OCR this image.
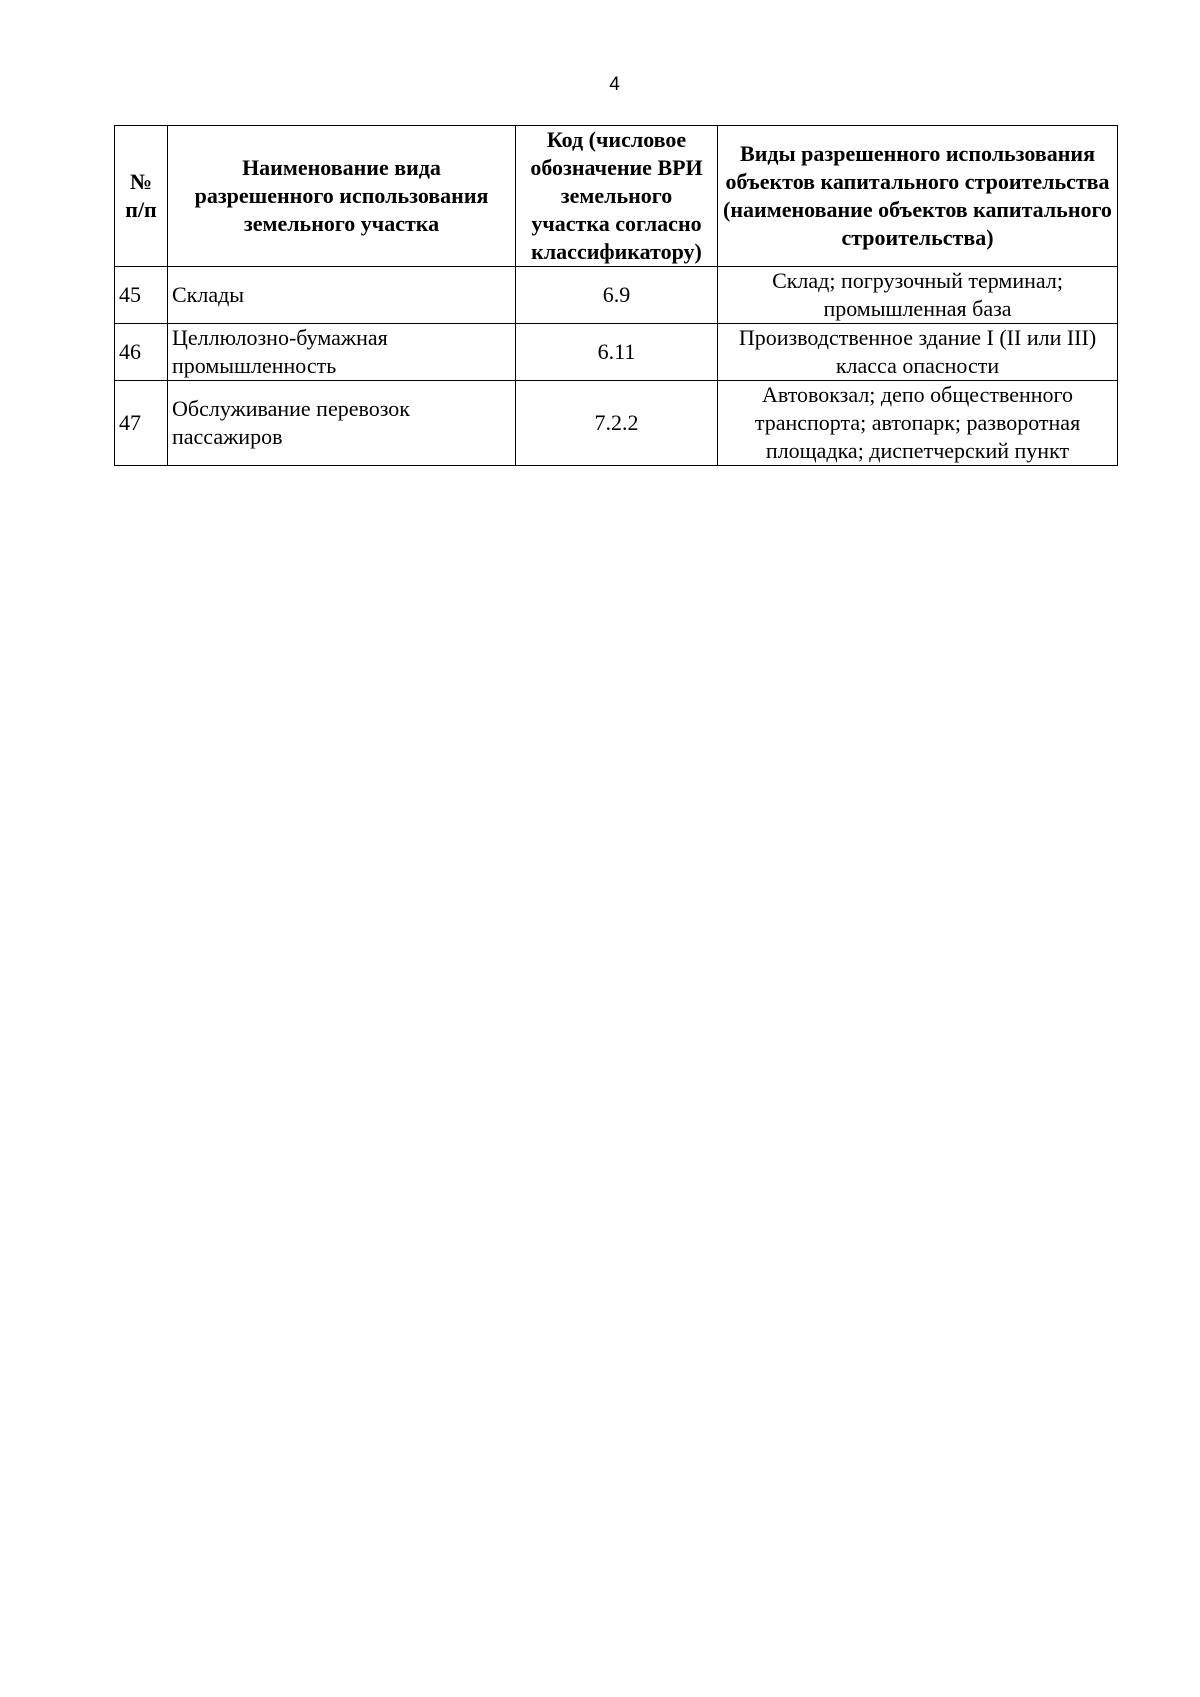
4
№ п/п	Наименование вида разрешенного использования земельного участка	Код (числовое обозначение ВРИ земельного участка согласно классификатору)	Виды разрешенного использования объектов капитального строительства (наименование объектов капитального строительства)
45	Склады	6.9	Склад; погрузочный терминал; промышленная база
46	Целлюлозно-бумажная промышленность	6.11	Производственное здание I (II или III) класса опасности
47	Обслуживание перевозок пассажиров	7.2.2	Автовокзал; депо общественного транспорта; автопарк; разворотная площадка; диспетчерский пункт
